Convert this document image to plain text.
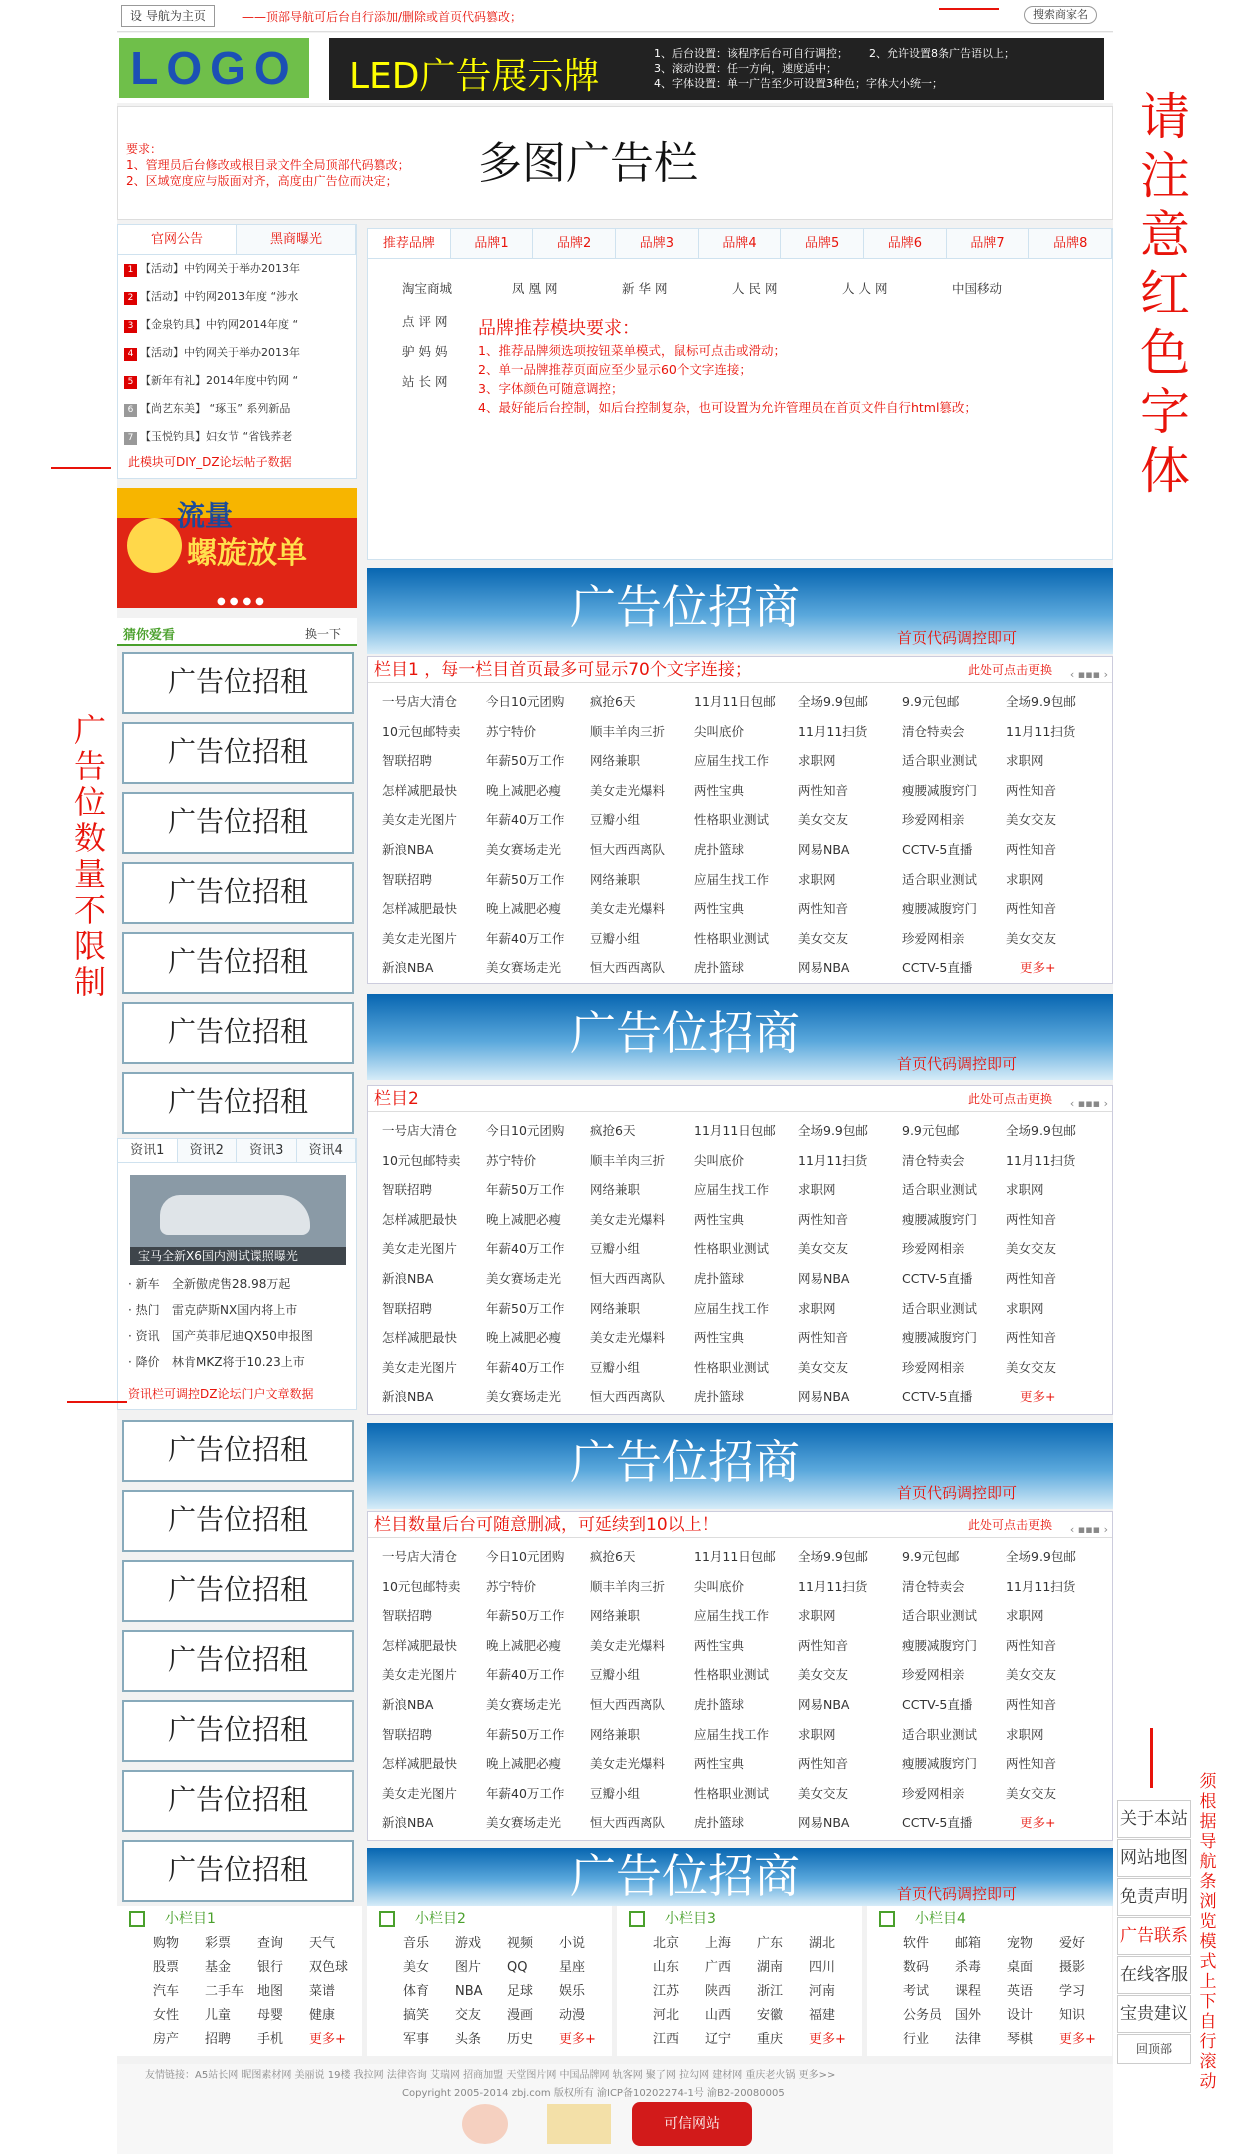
设 导航为主页	——顶部导航可后台自行添加/删除或首页代码篡改；	搜索商家名
LOGO	LED广告展示牌
1、后台设置：该程序后台可自行调控；      2、允许设置8条广告语以上；
3、滚动设置：任一方向，速度适中；
4、字体设置：单一广告至少可设置3种色；字体大小统一；
要求：
1、管理员后台修改或根目录文件全局顶部代码篡改；
2、区域宽度应与版面对齐，高度由广告位而决定； 多图广告栏
官网公告	黑商曝光
1 【活动】中钓网关于举办2013年
2 【活动】中钓网2013年度 “涉水
3 【金泉钓具】中钓网2014年度 “
4 【活动】中钓网关于举办2013年
5 【新年有礼】2014年度中钓网 “
6 【尚艺东美】 “琢玉” 系列新品
7 【玉悦钓具】妇女节 “省钱荞老
此模块可DIY_DZ论坛帖子数据
流量
螺旋放单
●●●●
推荐品牌	品牌1	品牌2	品牌3	品牌4	品牌5	品牌6	品牌7	品牌8
淘宝商城	凤 凰 网	新 华 网	人 民 网	人 人 网	中国移动
点 评 网
驴 妈 妈
站 长 网
品牌推荐模块要求：
1、推荐品牌须选项按钮菜单模式，鼠标可点击或滑动；
2、单一品牌推荐页面应至少显示60个文字连接；
3、字体颜色可随意调控；
4、最好能后台控制，如后台控制复杂，也可设置为允许管理员在首页文件自行html篡改；
猜你爱看	换一下
资讯1	资讯2	资讯3	资讯4
宝马全新X6国内测试谍照曝光
· 新车 全新傲虎售28.98万起
· 热门 雷克萨斯NX国内将上市
· 资讯 国产英菲尼迪QX50申报图
· 降价 林肯MKZ将于10.23上市
资讯栏可调控DZ论坛门户文章数据
友情链接：A5站长网 昵图素材网 美丽说 19楼 我拉网 法律咨询 艾瑞网 招商加盟 天堂图片网 中国品牌网 轨客网 聚了网 拉勾网 建材网 重庆老火锅 更多>>
Copyright 2005-2014 zbj.com 版权所有 渝ICP备10202274-1号 渝B2-20080005
可信网站
广告位招租
广告位招租
广告位招租
广告位招租
广告位招租
广告位招租
广告位招租
广告位招租
广告位招租
广告位招租
广告位招租
广告位招租
广告位招租
广告位招租
广告位招商
首页代码调控即可
栏目1 ，每一栏目首页最多可显示70个文字连接；	此处可点击更换 ‹ ▪▪▪ ›
一号店大清仓	今日10元团购	疯抢6天	11月11日包邮	全场9.9包邮	9.9元包邮	全场9.9包邮
10元包邮特卖	苏宁特价	顺丰羊肉三折	尖叫底价	11月11扫货	清仓特卖会	11月11扫货
智联招聘	年薪50万工作	网络兼职	应届生找工作	求职网	适合职业测试	求职网
怎样减肥最快	晚上减肥必瘦	美女走光爆料	两性宝典	两性知音	瘦腰减腹窍门	两性知音
美女走光图片	年薪40万工作	豆瓣小组	性格职业测试	美女交友	珍爱网相亲	美女交友
新浪NBA	美女赛场走光	恒大西西离队	虎扑篮球	网易NBA	CCTV-5直播	两性知音
智联招聘	年薪50万工作	网络兼职	应届生找工作	求职网	适合职业测试	求职网
怎样减肥最快	晚上减肥必瘦	美女走光爆料	两性宝典	两性知音	瘦腰减腹窍门	两性知音
美女走光图片	年薪40万工作	豆瓣小组	性格职业测试	美女交友	珍爱网相亲	美女交友
新浪NBA	美女赛场走光	恒大西西离队	虎扑篮球	网易NBA	CCTV-5直播	更多+
广告位招商
首页代码调控即可
栏目2	此处可点击更换 ‹ ▪▪▪ ›
一号店大清仓	今日10元团购	疯抢6天	11月11日包邮	全场9.9包邮	9.9元包邮	全场9.9包邮
10元包邮特卖	苏宁特价	顺丰羊肉三折	尖叫底价	11月11扫货	清仓特卖会	11月11扫货
智联招聘	年薪50万工作	网络兼职	应届生找工作	求职网	适合职业测试	求职网
怎样减肥最快	晚上减肥必瘦	美女走光爆料	两性宝典	两性知音	瘦腰减腹窍门	两性知音
美女走光图片	年薪40万工作	豆瓣小组	性格职业测试	美女交友	珍爱网相亲	美女交友
新浪NBA	美女赛场走光	恒大西西离队	虎扑篮球	网易NBA	CCTV-5直播	两性知音
智联招聘	年薪50万工作	网络兼职	应届生找工作	求职网	适合职业测试	求职网
怎样减肥最快	晚上减肥必瘦	美女走光爆料	两性宝典	两性知音	瘦腰减腹窍门	两性知音
美女走光图片	年薪40万工作	豆瓣小组	性格职业测试	美女交友	珍爱网相亲	美女交友
新浪NBA	美女赛场走光	恒大西西离队	虎扑篮球	网易NBA	CCTV-5直播	更多+
广告位招商
首页代码调控即可
栏目数量后台可随意删减，可延续到10以上！	此处可点击更换 ‹ ▪▪▪ ›
一号店大清仓	今日10元团购	疯抢6天	11月11日包邮	全场9.9包邮	9.9元包邮	全场9.9包邮
10元包邮特卖	苏宁特价	顺丰羊肉三折	尖叫底价	11月11扫货	清仓特卖会	11月11扫货
智联招聘	年薪50万工作	网络兼职	应届生找工作	求职网	适合职业测试	求职网
怎样减肥最快	晚上减肥必瘦	美女走光爆料	两性宝典	两性知音	瘦腰减腹窍门	两性知音
美女走光图片	年薪40万工作	豆瓣小组	性格职业测试	美女交友	珍爱网相亲	美女交友
新浪NBA	美女赛场走光	恒大西西离队	虎扑篮球	网易NBA	CCTV-5直播	两性知音
智联招聘	年薪50万工作	网络兼职	应届生找工作	求职网	适合职业测试	求职网
怎样减肥最快	晚上减肥必瘦	美女走光爆料	两性宝典	两性知音	瘦腰减腹窍门	两性知音
美女走光图片	年薪40万工作	豆瓣小组	性格职业测试	美女交友	珍爱网相亲	美女交友
新浪NBA	美女赛场走光	恒大西西离队	虎扑篮球	网易NBA	CCTV-5直播	更多+
广告位招商	首页代码调控即可
小栏目1
购物	彩票	查询	天气
股票	基金	银行	双色球
汽车	二手车 地图	菜谱
女性	儿童	母婴	健康
房产	招聘	手机	更多+
小栏目2
音乐	游戏	视频	小说
美女	图片	QQ	星座
体育	NBA	足球	娱乐
搞笑	交友	漫画	动漫
军事	头条	历史	更多+
小栏目3
北京	上海	广东	湖北
山东	广西	湖南	四川
江苏	陕西	浙江	河南
河北	山西	安徽	福建
江西	辽宁	重庆	更多+
小栏目4
软件	邮箱	宠物	爱好
数码	杀毒	桌面	摄影
考试	课程	英语	学习
公务员 国外	设计	知识
行业	法律	琴棋	更多+
请注意红色字体
广告位数量不限制
须根据导航条浏览模式上下自行滚动
关于本站
网站地图
免责声明
广告联系
在线客服
宝贵建议
回顶部
